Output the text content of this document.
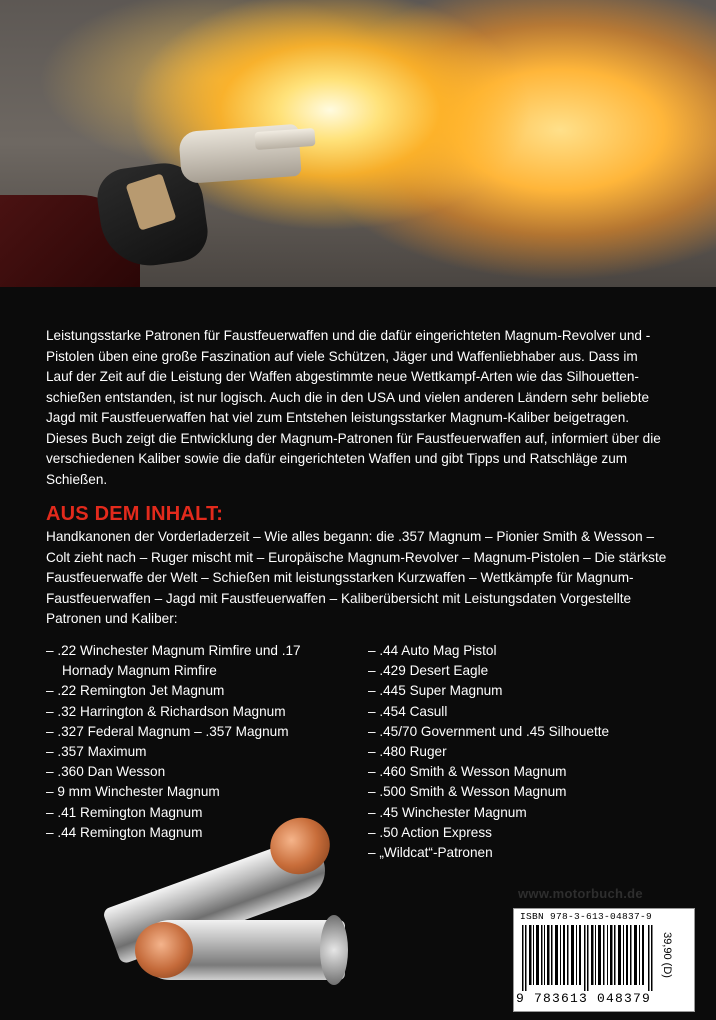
Leistungsstarke Patronen für Faustfeuerwaffen und die dafür eingerichteten Magnum-Revolver und -Pistolen üben eine große Faszination auf viele Schützen, Jäger und Waffenliebhaber aus. Dass im Lauf der Zeit auf die Leistung der Waffen abgestimmte neue Wettkampf-Arten wie das Silhouetten-schießen entstanden, ist nur logisch. Auch die in den USA und vielen anderen Ländern sehr beliebte Jagd mit Faustfeuerwaffen hat viel zum Entstehen leistungsstarker Magnum-Kaliber beigetragen. Dieses Buch zeigt die Entwicklung der Magnum-Patronen für Faustfeuerwaffen auf, informiert über die verschiedenen Kaliber sowie die dafür eingerichteten Waffen und gibt Tipps und Ratschläge zum Schießen.

AUS DEM INHALT:

Handkanonen der Vorderladerzeit – Wie alles begann: die .357 Magnum – Pionier Smith & Wesson – Colt zieht nach – Ruger mischt mit – Europäische Magnum-Revolver – Magnum-Pistolen – Die stärkste Faustfeuerwaffe der Welt – Schießen mit leistungsstarken Kurzwaffen – Wettkämpfe für Magnum-Faustfeuerwaffen – Jagd mit Faustfeuerwaffen – Kaliberübersicht mit Leistungsdaten Vorgestellte Patronen und Kaliber:

– .22 Winchester Magnum Rimfire und .17 Hornady Magnum Rimfire
– .22 Remington Jet Magnum
– .32 Harrington & Richardson Magnum
– .327 Federal Magnum – .357 Magnum
– .357 Maximum
– .360 Dan Wesson
– 9 mm Winchester Magnum
– .41 Remington Magnum
– .44 Remington Magnum
– .44 Auto Mag Pistol
– .429 Desert Eagle
– .445 Super Magnum
– .454 Casull
– .45/70 Government und .45 Silhouette
– .480 Ruger
– .460 Smith & Wesson Magnum
– .500 Smith & Wesson Magnum
– .45 Winchester Magnum
– .50 Action Express
– „Wildcat“-Patronen
www.motorbuch.de
ISBN 978-3-613-04837-9
9 783613 048379
39,90 (D)
